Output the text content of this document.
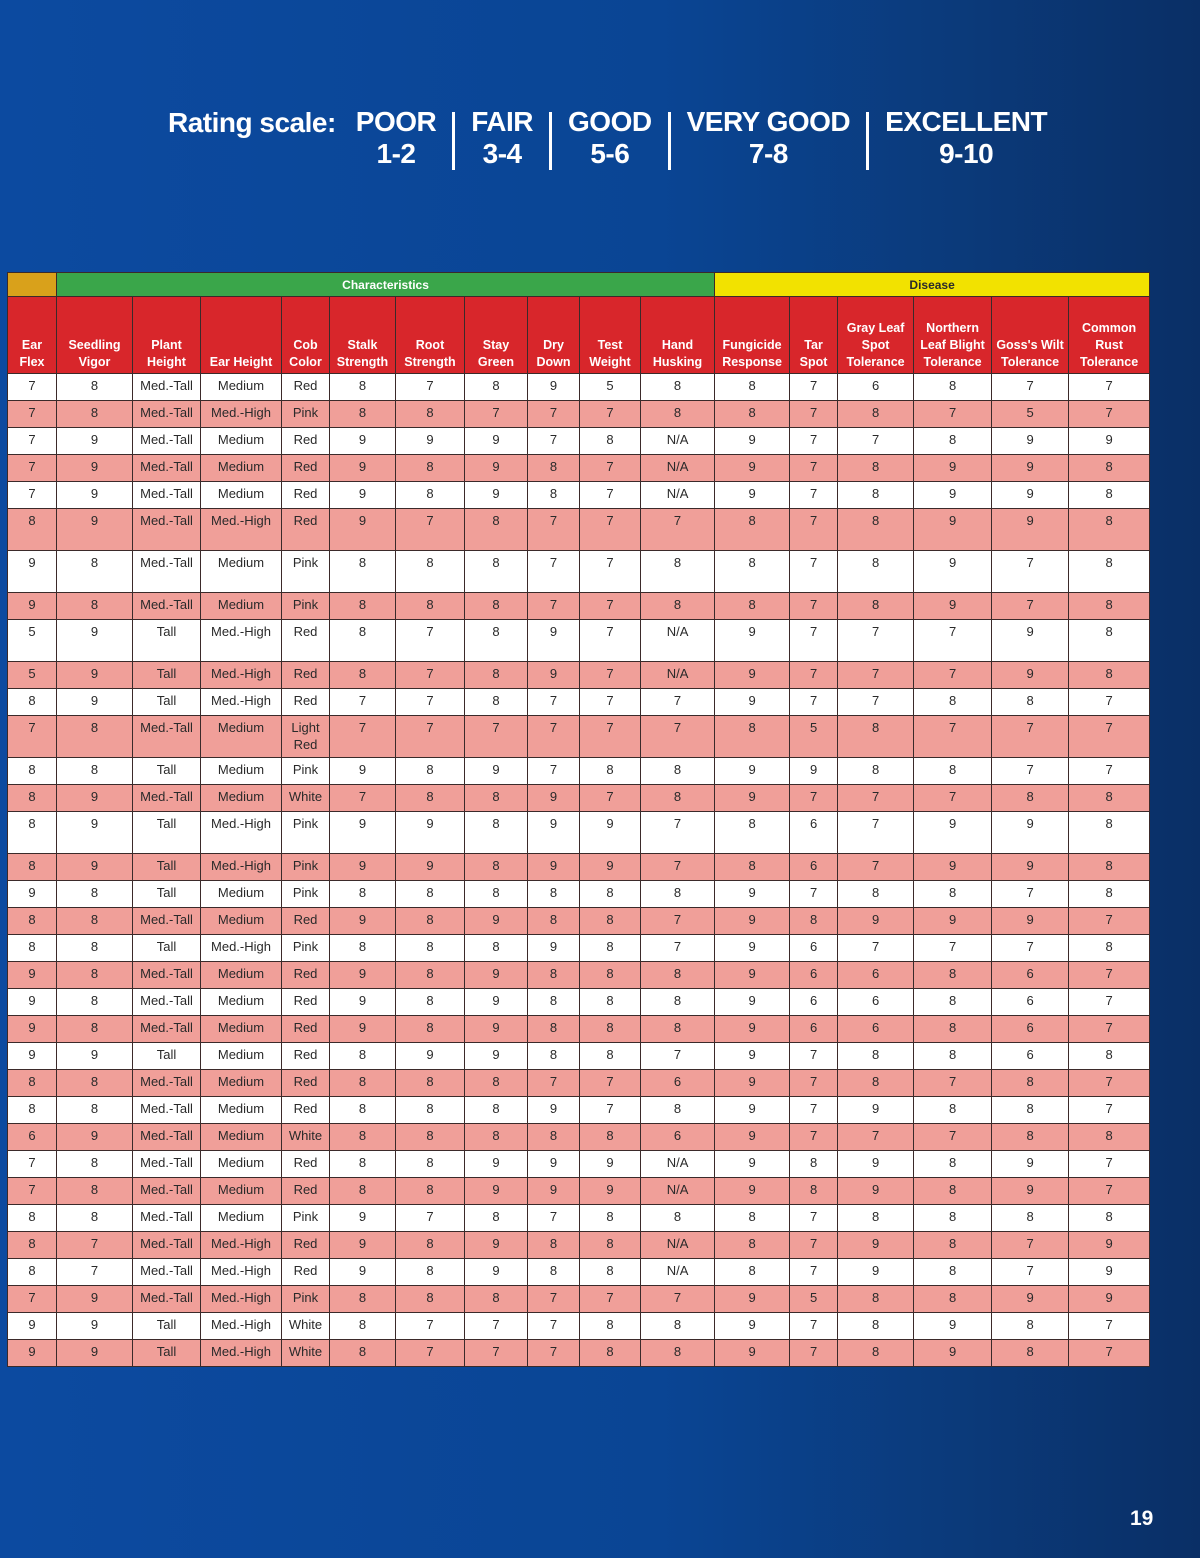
Rating scale: POOR
1-2
FAIR
3-4
GOOD
5-6
VERY GOOD
7-8
EXCELLENT
9-10
	Characteristics										Disease					
Ear Flex	Seedling Vigor	Plant Height	Ear Height	Cob Color	Stalk Strength	Root Strength	Stay Green	Dry Down	Test Weight	Hand Husking	Fungicide Response	Tar Spot	Gray Leaf Spot Tolerance	Northern Leaf Blight Tolerance	Goss's Wilt Tolerance	Common Rust Tolerance
7	8	Med.-Tall	Medium	Red	8	7	8	9	5	8	8	7	6	8	7	7
7	8	Med.-Tall	Med.-High	Pink	8	8	7	7	7	8	8	7	8	7	5	7
7	9	Med.-Tall	Medium	Red	9	9	9	7	8	N/A	9	7	7	8	9	9
7	9	Med.-Tall	Medium	Red	9	8	9	8	7	N/A	9	7	8	9	9	8
7	9	Med.-Tall	Medium	Red	9	8	9	8	7	N/A	9	7	8	9	9	8
8	9	Med.-Tall	Med.-High	Red	9	7	8	7	7	7	8	7	8	9	9	8
9	8	Med.-Tall	Medium	Pink	8	8	8	7	7	8	8	7	8	9	7	8
9	8	Med.-Tall	Medium	Pink	8	8	8	7	7	8	8	7	8	9	7	8
5	9	Tall	Med.-High	Red	8	7	8	9	7	N/A	9	7	7	7	9	8
5	9	Tall	Med.-High	Red	8	7	8	9	7	N/A	9	7	7	7	9	8
8	9	Tall	Med.-High	Red	7	7	8	7	7	7	9	7	7	8	8	7
7	8	Med.-Tall	Medium	Light Red	7	7	7	7	7	7	8	5	8	7	7	7
8	8	Tall	Medium	Pink	9	8	9	7	8	8	9	9	8	8	7	7
8	9	Med.-Tall	Medium	White	7	8	8	9	7	8	9	7	7	7	8	8
8	9	Tall	Med.-High	Pink	9	9	8	9	9	7	8	6	7	9	9	8
8	9	Tall	Med.-High	Pink	9	9	8	9	9	7	8	6	7	9	9	8
9	8	Tall	Medium	Pink	8	8	8	8	8	8	9	7	8	8	7	8
8	8	Med.-Tall	Medium	Red	9	8	9	8	8	7	9	8	9	9	9	7
8	8	Tall	Med.-High	Pink	8	8	8	9	8	7	9	6	7	7	7	8
9	8	Med.-Tall	Medium	Red	9	8	9	8	8	8	9	6	6	8	6	7
9	8	Med.-Tall	Medium	Red	9	8	9	8	8	8	9	6	6	8	6	7
9	8	Med.-Tall	Medium	Red	9	8	9	8	8	8	9	6	6	8	6	7
9	9	Tall	Medium	Red	8	9	9	8	8	7	9	7	8	8	6	8
8	8	Med.-Tall	Medium	Red	8	8	8	7	7	6	9	7	8	7	8	7
8	8	Med.-Tall	Medium	Red	8	8	8	9	7	8	9	7	9	8	8	7
6	9	Med.-Tall	Medium	White	8	8	8	8	8	6	9	7	7	7	8	8
7	8	Med.-Tall	Medium	Red	8	8	9	9	9	N/A	9	8	9	8	9	7
7	8	Med.-Tall	Medium	Red	8	8	9	9	9	N/A	9	8	9	8	9	7
8	8	Med.-Tall	Medium	Pink	9	7	8	7	8	8	8	7	8	8	8	8
8	7	Med.-Tall	Med.-High	Red	9	8	9	8	8	N/A	8	7	9	8	7	9
8	7	Med.-Tall	Med.-High	Red	9	8	9	8	8	N/A	8	7	9	8	7	9
7	9	Med.-Tall	Med.-High	Pink	8	8	8	7	7	7	9	5	8	8	9	9
9	9	Tall	Med.-High	White	8	7	7	7	8	8	9	7	8	9	8	7
9	9	Tall	Med.-High	White	8	7	7	7	8	8	9	7	8	9	8	7
19
